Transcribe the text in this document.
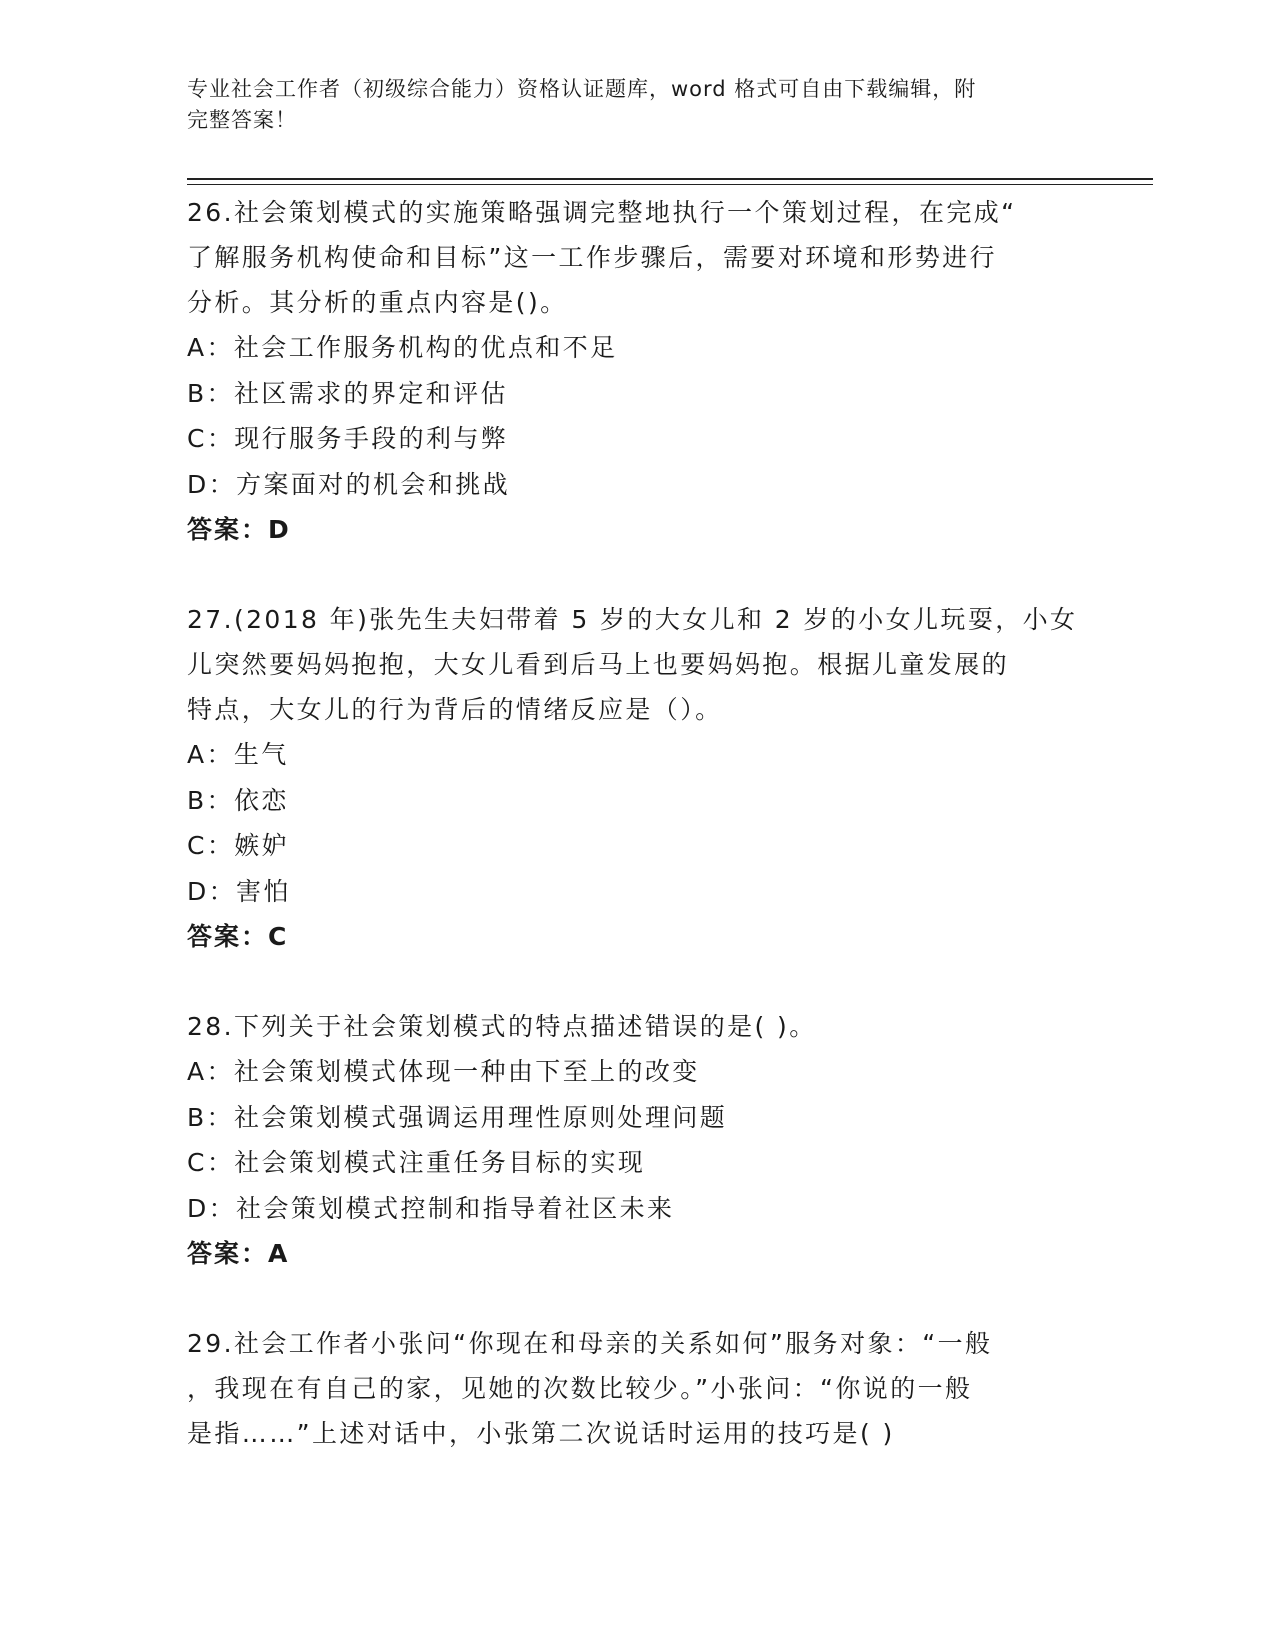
专业社会工作者（初级综合能力）资格认证题库，word 格式可自由下载编辑，附
完整答案！

26.社会策划模式的实施策略强调完整地执行一个策划过程，在完成“

了解服务机构使命和目标”这一工作步骤后，需要对环境和形势进行

分析。其分析的重点内容是()。

A：社会工作服务机构的优点和不足

B：社区需求的界定和评估

C：现行服务手段的利与弊

D：方案面对的机会和挑战

答案：D

27.(2018 年)张先生夫妇带着 5 岁的大女儿和 2 岁的小女儿玩耍，小女

儿突然要妈妈抱抱，大女儿看到后马上也要妈妈抱。根据儿童发展的

特点，大女儿的行为背后的情绪反应是（）。

A：生气

B：依恋

C：嫉妒

D：害怕

答案：C

28.下列关于社会策划模式的特点描述错误的是( )。

A：社会策划模式体现一种由下至上的改变

B：社会策划模式强调运用理性原则处理问题

C：社会策划模式注重任务目标的实现

D：社会策划模式控制和指导着社区未来

答案：A

29.社会工作者小张问“你现在和母亲的关系如何”服务对象：“一般

，我现在有自己的家，见她的次数比较少。”小张问：“你说的一般

是指……”上述对话中，小张第二次说话时运用的技巧是( )
